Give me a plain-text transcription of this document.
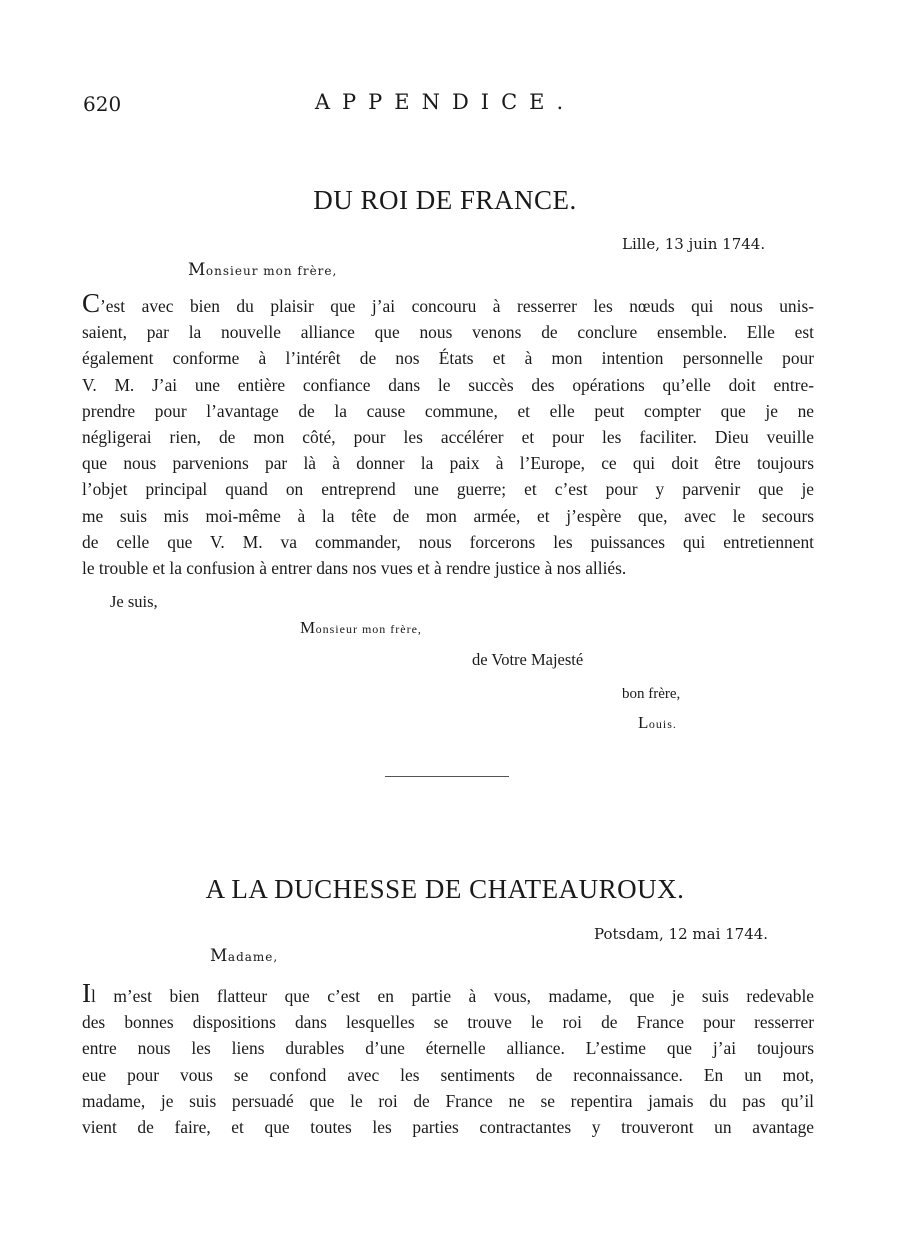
620	APPENDICE.
DU ROI DE FRANCE.
Lille, 13 juin 1744.
Monsieur mon frère,
C’est avec bien du plaisir que j’ai concouru à resserrer les nœuds qui nous unis-
saient, par la nouvelle alliance que nous venons de conclure ensemble. Elle est
également conforme à l’intérêt de nos États et à mon intention personnelle pour
V. M. J’ai une entière confiance dans le succès des opérations qu’elle doit entre-
prendre pour l’avantage de la cause commune, et elle peut compter que je ne
négligerai rien, de mon côté, pour les accélérer et pour les faciliter. Dieu veuille
que nous parvenions par là à donner la paix à l’Europe, ce qui doit être toujours
l’objet principal quand on entreprend une guerre; et c’est pour y parvenir que je
me suis mis moi-même à la tête de mon armée, et j’espère que, avec le secours
de celle que V. M. va commander, nous forcerons les puissances qui entretiennent
le trouble et la confusion à entrer dans nos vues et à rendre justice à nos alliés.
Je suis,
Monsieur mon frère,
de Votre Majesté
bon frère,
Louis.
A LA DUCHESSE DE CHATEAUROUX.
Potsdam, 12 mai 1744.
Madame,
Il m’est bien flatteur que c’est en partie à vous, madame, que je suis redevable
des bonnes dispositions dans lesquelles se trouve le roi de France pour resserrer
entre nous les liens durables d’une éternelle alliance. L’estime que j’ai toujours
eue pour vous se confond avec les sentiments de reconnaissance. En un mot,
madame, je suis persuadé que le roi de France ne se repentira jamais du pas qu’il
vient de faire, et que toutes les parties contractantes y trouveront un avantage
